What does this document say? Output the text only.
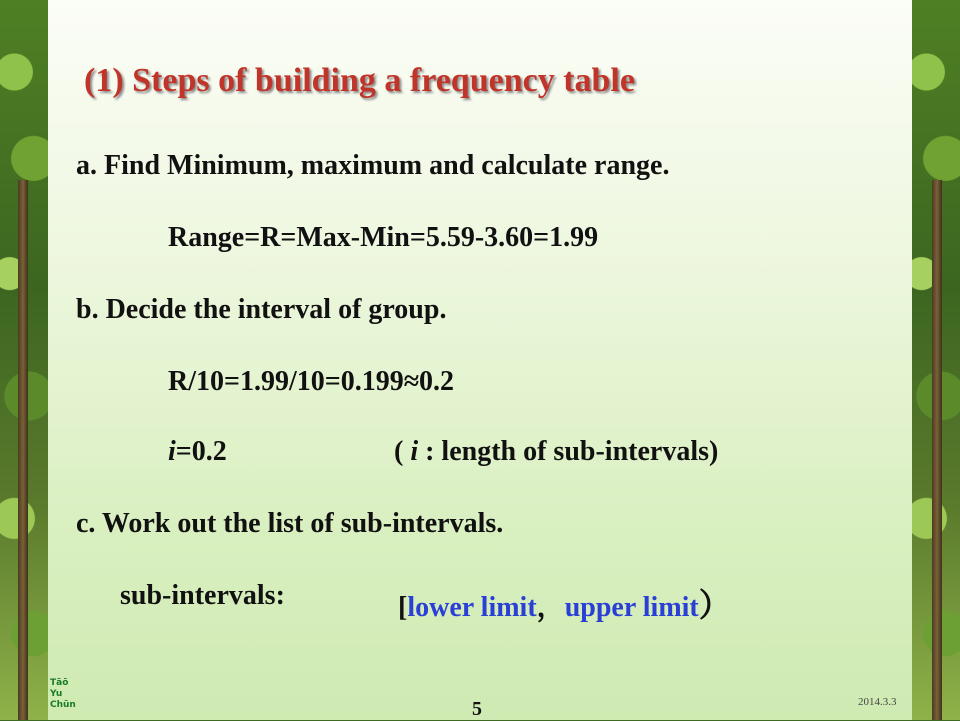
(1) Steps of building a frequency table
a. Find Minimum, maximum and calculate range.
Range=R=Max-Min=5.59-3.60=1.99
b. Decide the interval of group.
R/10=1.99/10=0.199≈0.2
i=0.2	( i : length of sub-intervals)
c. Work out the list of sub-intervals.
sub-intervals:	[lower limit，upper limit）
Tāō
Yu
Chūn	5	2014.3.3
